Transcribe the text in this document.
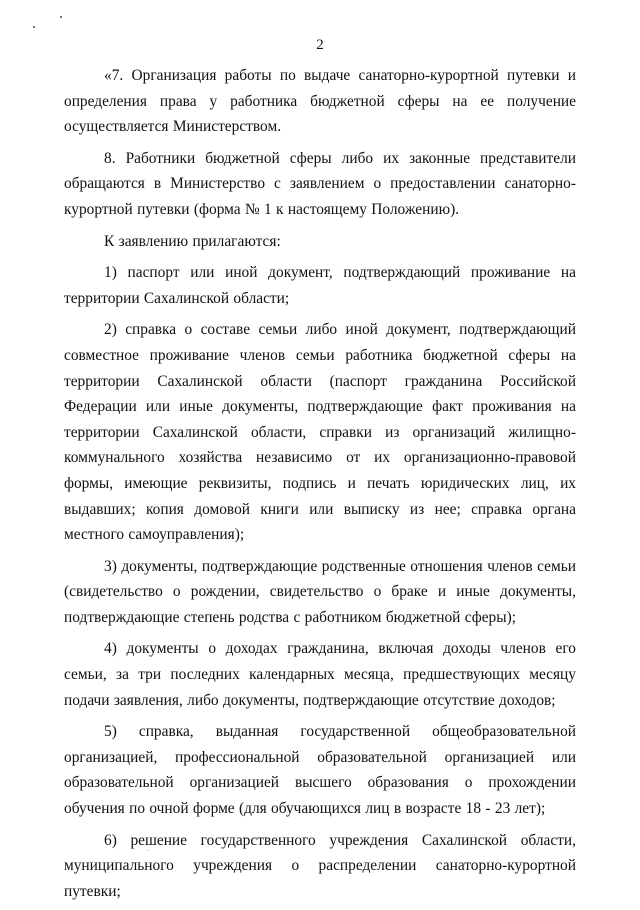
2

«7. Организация работы по выдаче санаторно-курортной путевки и определения права у работника бюджетной сферы на ее получение осуществляется Министерством.

8. Работники бюджетной сферы либо их законные представители обращаются в Министерство с заявлением о предоставлении санаторно-курортной путевки (форма № 1 к настоящему Положению).

К заявлению прилагаются:

1) паспорт или иной документ, подтверждающий проживание на территории Сахалинской области;

2) справка о составе семьи либо иной документ, подтверждающий совместное проживание членов семьи работника бюджетной сферы на территории Сахалинской области (паспорт гражданина Российской Федерации или иные документы, подтверждающие факт проживания на территории Сахалинской области, справки из организаций жилищно-коммунального хозяйства независимо от их организационно-правовой формы, имеющие реквизиты, подпись и печать юридических лиц, их выдавших; копия домовой книги или выписку из нее; справка органа местного самоуправления);

3) документы, подтверждающие родственные отношения членов семьи (свидетельство о рождении, свидетельство о браке и иные документы, подтверждающие степень родства с работником бюджетной сферы);

4) документы о доходах гражданина, включая доходы членов его семьи, за три последних календарных месяца, предшествующих месяцу подачи заявления, либо документы, подтверждающие отсутствие доходов;

5) справка, выданная государственной общеобразовательной организацией, профессиональной образовательной организацией или образовательной организацией высшего образования о прохождении обучения по очной форме (для обучающихся лиц в возрасте 18 - 23 лет);

6) решение государственного учреждения Сахалинской области, муниципального учреждения о распределении санаторно-курортной путевки;
